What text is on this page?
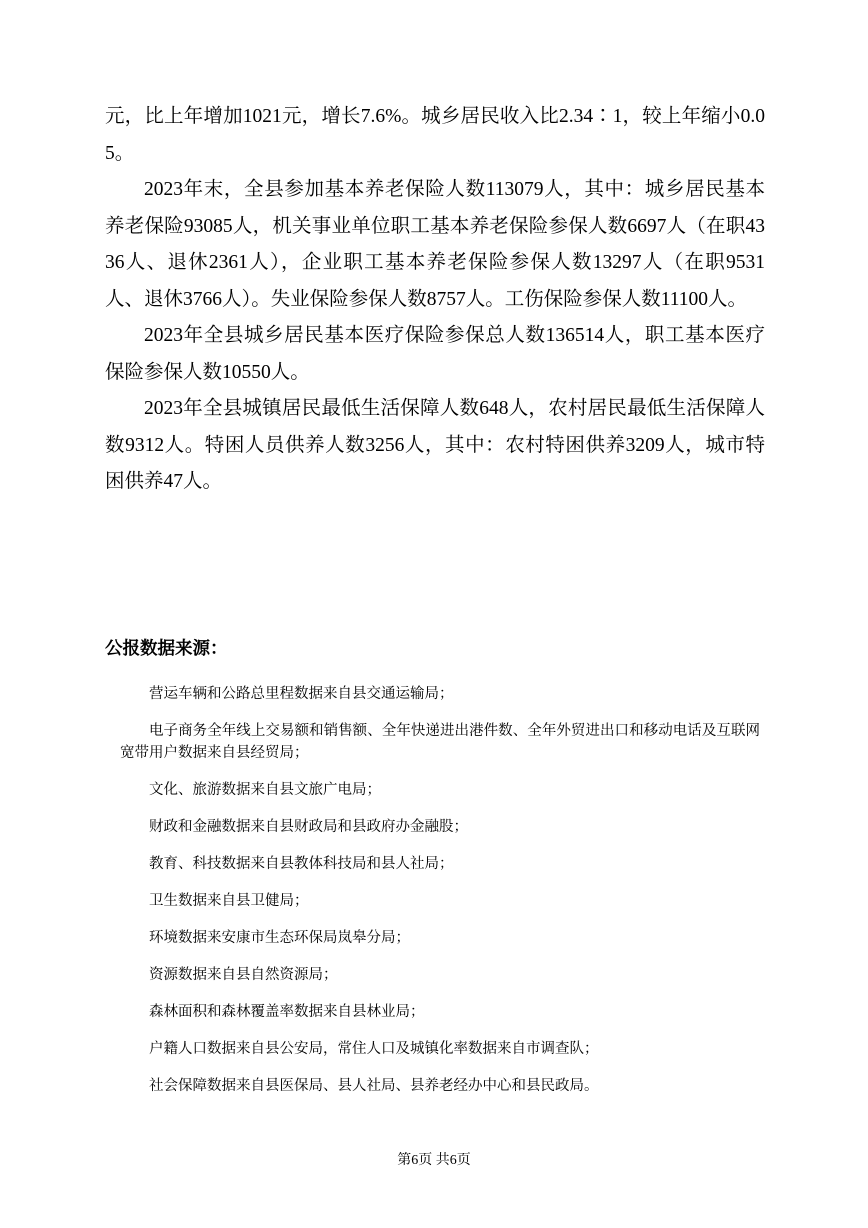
元，比上年增加1021元，增长7.6%。城乡居民收入比2.34∶1，较上年缩小0.05。

2023年末，全县参加基本养老保险人数113079人，其中：城乡居民基本养老保险93085人，机关事业单位职工基本养老保险参保人数6697人（在职4336人、退休2361人），企业职工基本养老保险参保人数13297人（在职9531人、退休3766人）。失业保险参保人数8757人。工伤保险参保人数11100人。

2023年全县城乡居民基本医疗保险参保总人数136514人，职工基本医疗保险参保人数10550人。

2023年全县城镇居民最低生活保障人数648人，农村居民最低生活保障人数9312人。特困人员供养人数3256人，其中：农村特困供养3209人，城市特困供养47人。

公报数据来源：

营运车辆和公路总里程数据来自县交通运输局；

电子商务全年线上交易额和销售额、全年快递进出港件数、全年外贸进出口和移动电话及互联网宽带用户数据来自县经贸局；

文化、旅游数据来自县文旅广电局；

财政和金融数据来自县财政局和县政府办金融股；

教育、科技数据来自县教体科技局和县人社局；

卫生数据来自县卫健局；

环境数据来安康市生态环保局岚皋分局；

资源数据来自县自然资源局；

森林面积和森林覆盖率数据来自县林业局；

户籍人口数据来自县公安局，常住人口及城镇化率数据来自市调查队；

社会保障数据来自县医保局、县人社局、县养老经办中心和县民政局。

第6页 共6页
